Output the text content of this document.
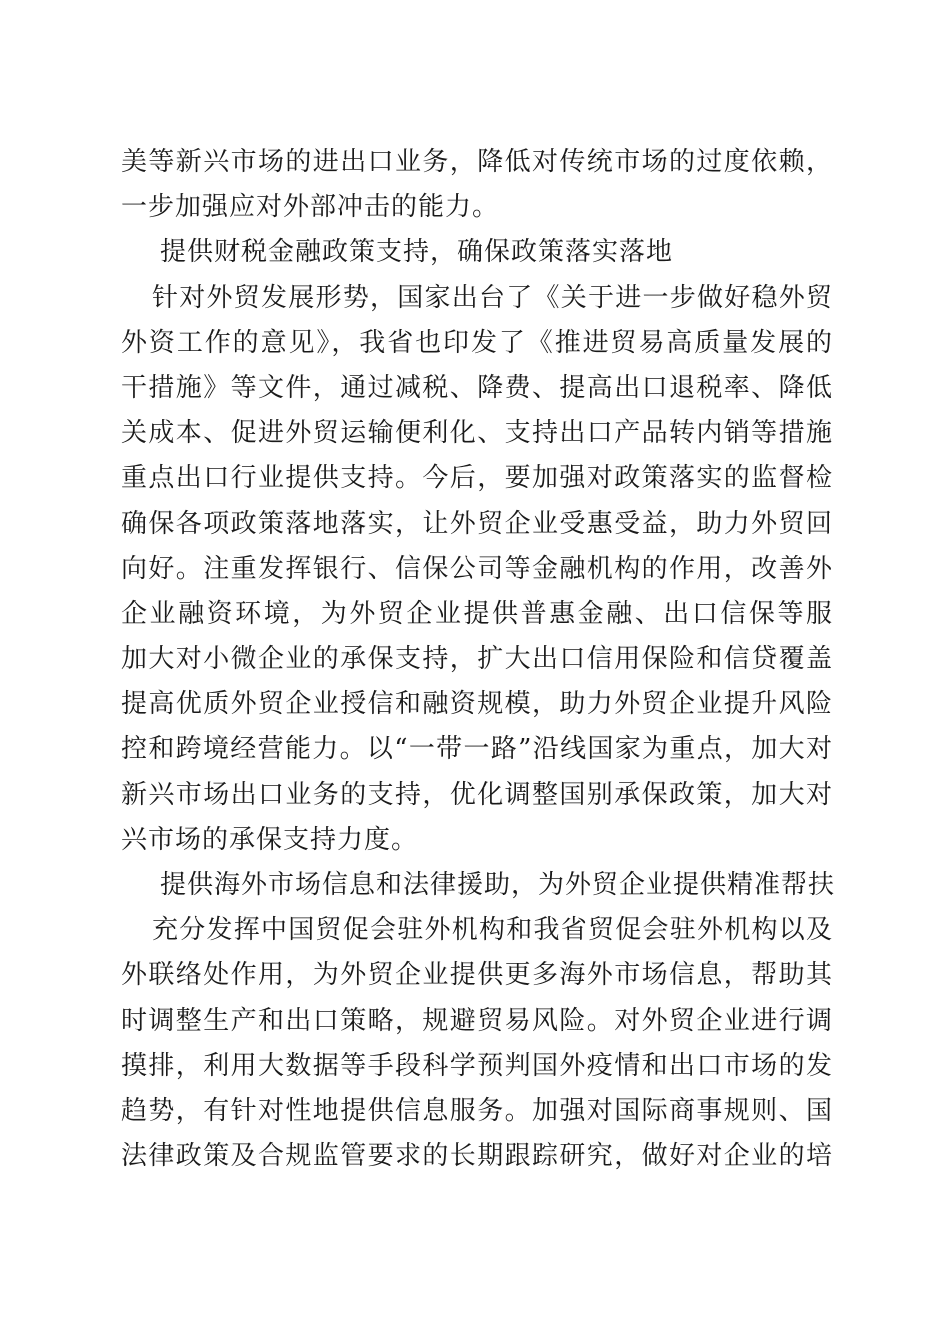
美等新兴市场的进出口业务，降低对传统市场的过度依赖，
一步加强应对外部冲击的能力。
提供财税金融政策支持，确保政策落实落地
针对外贸发展形势，国家出台了《关于进一步做好稳外贸
外资工作的意见》，我省也印发了《推进贸易高质量发展的
干措施》等文件，通过减税、降费、提高出口退税率、降低
关成本、促进外贸运输便利化、支持出口产品转内销等措施
重点出口行业提供支持。今后，要加强对政策落实的监督检
确保各项政策落地落实，让外贸企业受惠受益，助力外贸回
向好。注重发挥银行、信保公司等金融机构的作用，改善外
企业融资环境，为外贸企业提供普惠金融、出口信保等服
加大对小微企业的承保支持，扩大出口信用保险和信贷覆盖
提高优质外贸企业授信和融资规模，助力外贸企业提升风险
控和跨境经营能力。以“一带一路”沿线国家为重点，加大对
新兴市场出口业务的支持，优化调整国别承保政策，加大对
兴市场的承保支持力度。
提供海外市场信息和法律援助，为外贸企业提供精准帮扶
充分发挥中国贸促会驻外机构和我省贸促会驻外机构以及
外联络处作用，为外贸企业提供更多海外市场信息，帮助其
时调整生产和出口策略，规避贸易风险。对外贸企业进行调
摸排，利用大数据等手段科学预判国外疫情和出口市场的发
趋势，有针对性地提供信息服务。加强对国际商事规则、国
法律政策及合规监管要求的长期跟踪研究，做好对企业的培
